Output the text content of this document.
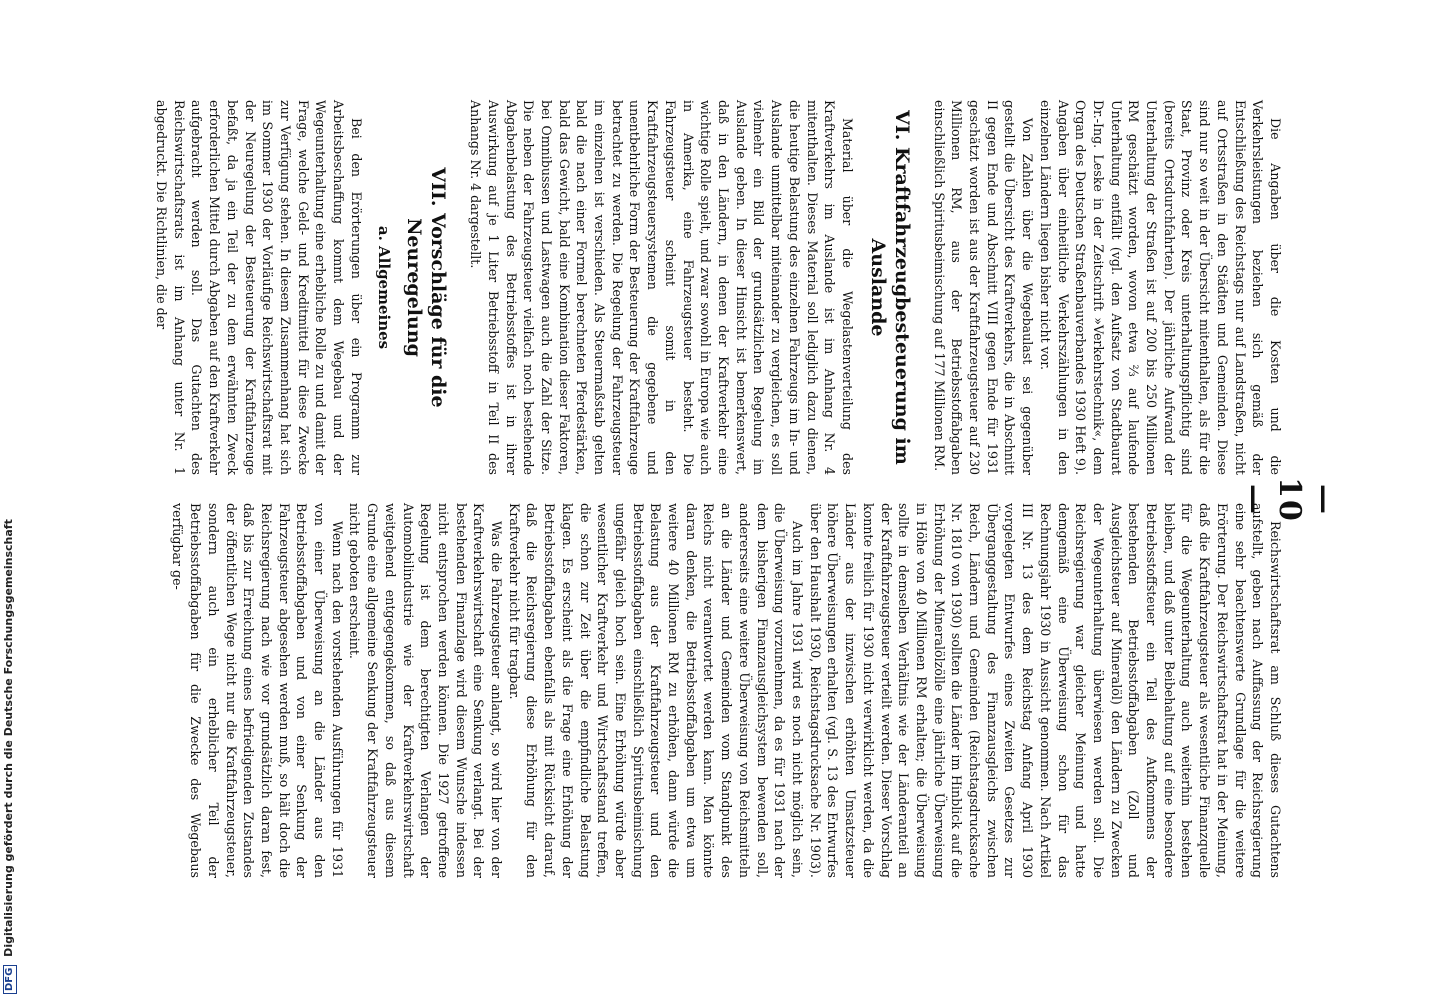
DFG Digitalisierung gefördert durch die Deutsche Forschungsgemeinschaft
— 10 —

Die Angaben über die Kosten und die Verkehrsleistungen beziehen sich gemäß der Entschließung des Reichstags nur auf Landstraßen, nicht auf Ortsstraßen in den Städten und Gemeinden. Diese sind nur so weit in der Übersicht mitenthalten, als für die Staat, Provinz oder Kreis unterhaltungspflichtig sind (bereits Ortsdurchfahrten). Der jährliche Aufwand der Unterhaltung der Straßen ist auf 200 bis 250 Millionen RM geschätzt worden, wovon etwa ⅔ auf laufende Unterhaltung entfällt (vgl. den Aufsatz von Stadtbaurat Dr.-Ing. Leske in der Zeitschrift »Verkehrstechnik«, dem Organ des Deutschen Straßenbauverbandes 1930 Heft 9). Angaben über einheitliche Verkehrszählungen in den einzelnen Ländern liegen bisher nicht vor.

Von Zahlen über die Wegebaulast sei gegenüber gestellt die Übersicht des Kraftverkehrs, die in Abschnitt II gegen Ende und Abschnitt VIII gegen Ende für 1931 geschätzt worden ist aus der Kraftfahrzeugsteuer auf 230 Millionen RM, aus der Betriebsstoffabgaben einschließlich Spiritusbeimischung auf 177 Millionen RM.

VI. Kraftfahrzeugbesteuerung im Auslande

Material über die Wegelastenverteilung des Kraftverkehrs im Auslande ist im Anhang Nr. 4 mitenthalten. Dieses Material soll lediglich dazu dienen, die heutige Belastung des einzelnen Fahrzeugs im In- und Auslande unmittelbar miteinander zu vergleichen, es soll vielmehr ein Bild der grundsätzlichen Regelung im Auslande geben. In dieser Hinsicht ist bemerkenswert, daß in den Ländern, in denen der Kraftverkehr eine wichtige Rolle spielt, und zwar sowohl in Europa wie auch in Amerika, eine Fahrzeugsteuer besteht. Die Fahrzeugsteuer scheint somit in den Kraftfahrzeugsteuersystemen die gegebene und unentbehrliche Form der Besteuerung der Kraftfahrzeuge betrachtet zu werden. Die Regelung der Fahrzeugsteuer im einzelnen ist verschieden. Als Steuermaßstab gelten bald die nach einer Formel berechneten Pferdestärken, bald das Gewicht, bald eine Kombination dieser Faktoren, bei Omnibussen und Lastwagen auch die Zahl der Sitze. Die neben der Fahrzeugsteuer vielfach noch bestehende Abgabenbelastung des Betriebsstoffes ist in ihrer Auswirkung auf je 1 Liter Betriebsstoff in Teil II des Anhangs Nr. 4 dargestellt.

VII. Vorschläge für die Neuregelung
a. Allgemeines

Bei den Erörterungen über ein Programm zur Arbeitsbeschaffung kommt dem Wegebau und der Wegeunterhaltung eine erhebliche Rolle zu und damit der Frage, welche Geld- und Kreditmittel für diese Zwecke zur Verfügung stehen. In diesem Zusammenhang hat sich im Sommer 1930 der Vorläufige Reichswirtschaftsrat mit der Neuregelung der Besteuerung der Kraftfahrzeuge befaßt, da ja ein Teil der zu dem erwähnten Zweck erforderlichen Mittel durch Abgaben auf den Kraftverkehr aufgebracht werden soll. Das Gutachten des Reichswirtschaftsrats ist im Anhang unter Nr. 1 abgedruckt. Die Richtlinien, die der

Reichswirtschaftsrat am Schluß dieses Gutachtens aufstellt, geben nach Auffassung der Reichsregierung eine sehr beachtenswerte Grundlage für die weitere Erörterung. Der Reichswirtschaftsrat hat in der Meinung, daß die Kraftfahrzeugsteuer als wesentliche Finanzquelle für die Wegeunterhaltung auch weiterhin bestehen bleiben, und daß unter Beibehaltung auf eine besondere Betriebsstoffsteuer ein Teil des Aufkommens der bestehenden Betriebsstoffabgaben (Zoll und Ausgleichsteuer auf Mineralöl) den Ländern zu Zwecken der Wegeunterhaltung überwiesen werden soll. Die Reichsregierung war gleicher Meinung und hatte demgemäß eine Überweisung schon für das Rechnungsjahr 1930 in Aussicht genommen. Nach Artikel III Nr. 13 des dem Reichstag Anfang April 1930 vorgelegten Entwurfes eines Zweiten Gesetzes zur Überganggestaltung des Finanzausgleichs zwischen Reich, Ländern und Gemeinden (Reichstagsdrucksache Nr. 1810 von 1930) sollten die Länder im Hinblick auf die Erhöhung der Mineralölzölle eine jährliche Überweisung in Höhe von 40 Millionen RM erhalten; die Überweisung sollte in demselben Verhältnis wie der Länderanteil an der Kraftfahrzeugsteuer verteilt werden. Dieser Vorschlag konnte freilich für 1930 nicht verwirklicht werden, da die Länder aus der inzwischen erhöhten Umsatzsteuer höhere Überweisungen erhalten (vgl. S. 13 des Entwurfes über den Haushalt 1930, Reichstagsdrucksache Nr. 1903).

Auch im Jahre 1931 wird es noch nicht möglich sein, die Überweisung vorzunehmen, da es für 1931 nach der dem bisherigen Finanzausgleichsystem bewenden soll, andererseits eine weitere Überweisung von Reichsmitteln an die Länder und Gemeinden vom Standpunkt des Reichs nicht verantwortet werden kann. Man könnte daran denken, die Betriebsstoffabgaben um etwa um weitere 40 Millionen RM zu erhöhen, dann würde die Belastung aus der Kraftfahrzeugsteuer und den Betriebsstoffabgaben einschließlich Spiritusbeimischung ungefähr gleich hoch sein. Eine Erhöhung würde aber wesentlicher Kraftverkehr und Wirtschaftsstand treffen, die schon zur Zeit über die empfindliche Belastung klagen. Es erscheint als die Frage eine Erhöhung der Betriebsstoffabgaben ebenfalls als mit Rücksicht darauf, daß die Reichsregierung diese Erhöhung für den Kraftverkehr nicht für tragbar.

Was die Fahrzeugsteuer anlangt, so wird hier von der Kraftverkehrswirtschaft eine Senkung verlangt. Bei der bestehenden Finanzlage wird diesem Wunsche indessen nicht entsprochen werden können. Die 1927 getroffene Regelung ist dem berechtigten Verlangen der Automobilindustrie wie der Kraftverkehrswirtschaft weitgehend entgegengekommen, so daß aus diesem Grunde eine allgemeine Senkung der Kraftfahrzeugsteuer nicht geboten erscheint.

Wenn nach den vorstehenden Ausführungen für 1931 von einer Überweisung an die Länder aus den Betriebsstoffabgaben und von einer Senkung der Fahrzeugsteuer abgesehen werden muß, so hält doch die Reichsregierung nach wie vor grundsätzlich daran fest, daß bis zur Erreichung eines befriedigenden Zustandes der öffentlichen Wege nicht nur die Kraftfahrzeugsteuer, sondern auch ein erheblicher Teil der Betriebsstoffabgaben für die Zwecke des Wegebaus verfügbar ge-
